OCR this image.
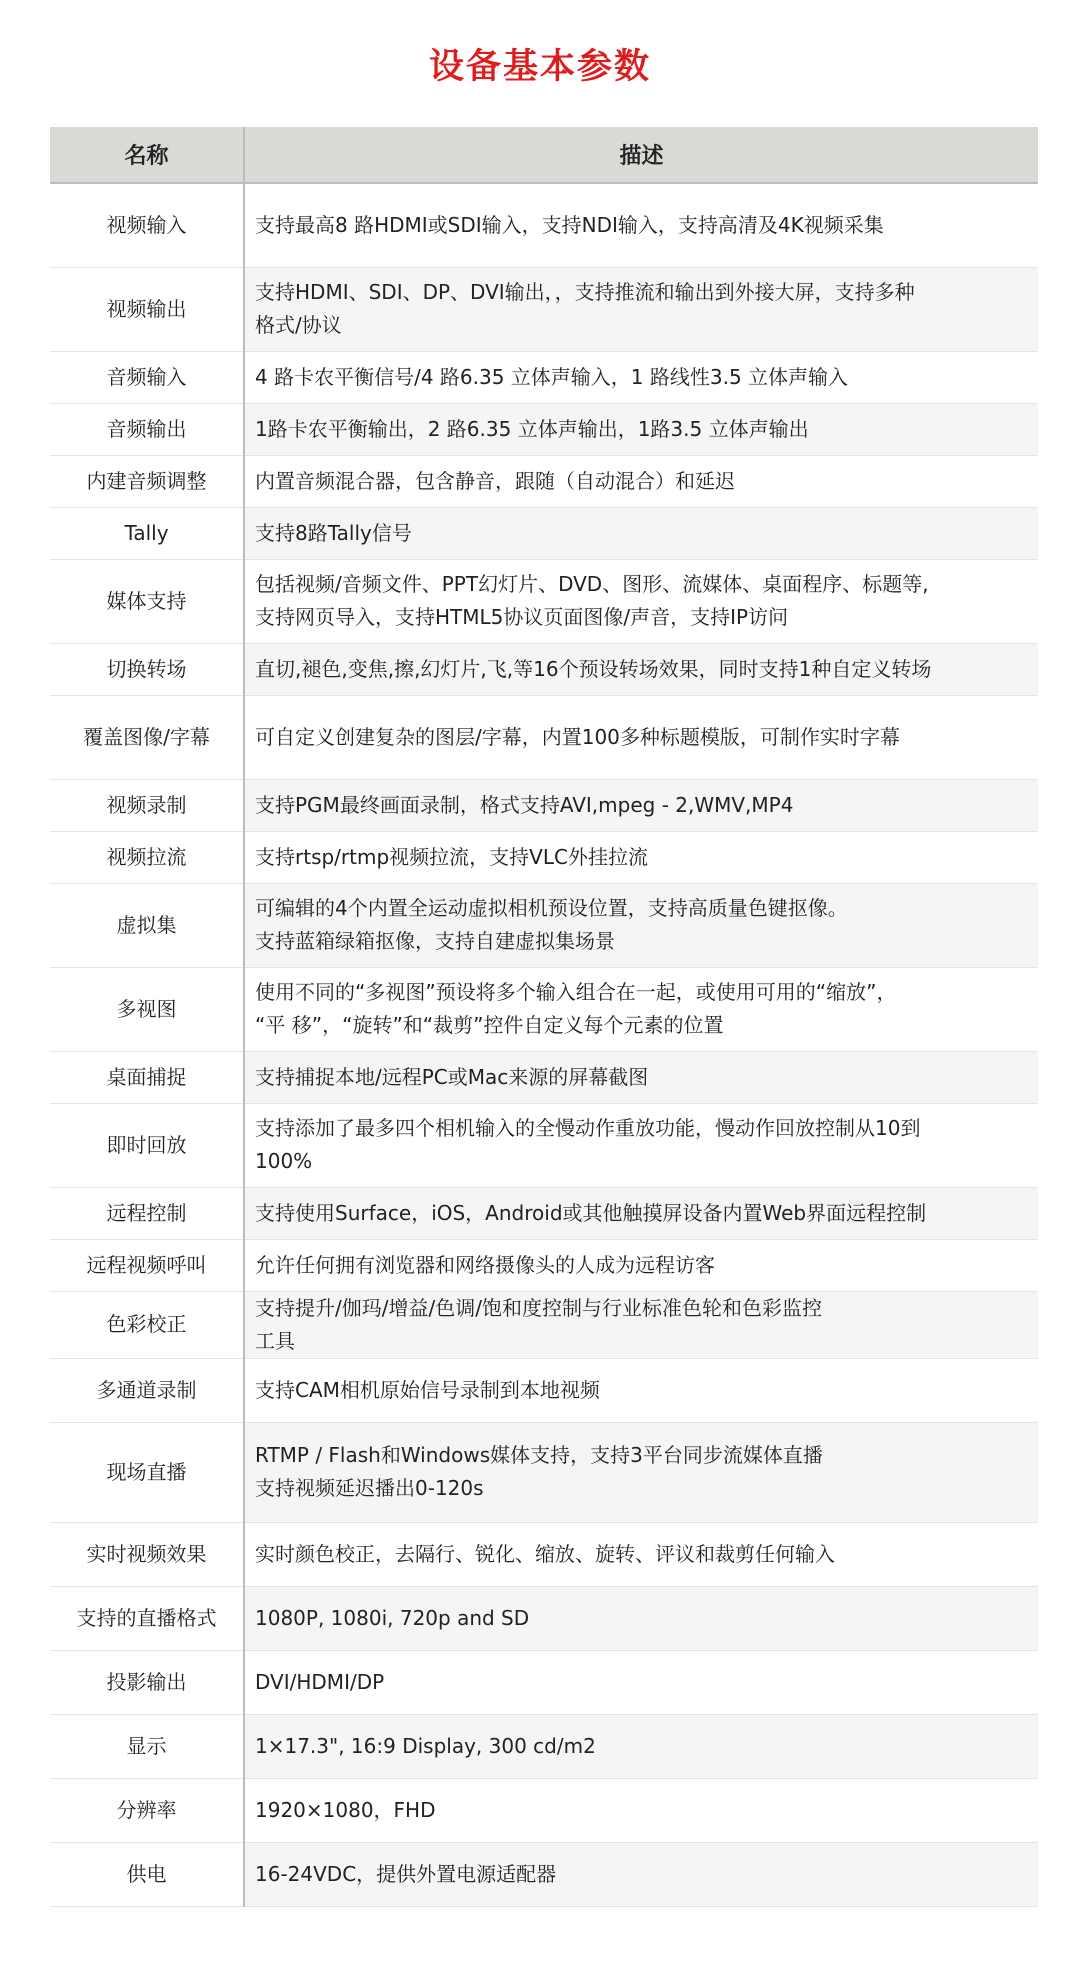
设备基本参数
名称	描述
视频输入	支持最高8 路HDMI或SDI输入，支持NDI输入，支持高清及4K视频采集

视频输出	支持HDMI、SDI、DP、DVI输出，，支持推流和输出到外接大屏，支持多种
格式/协议

音频输入	4 路卡农平衡信号/4 路6.35 立体声输入，1 路线性3.5 立体声输入

音频输出	1路卡农平衡输出，2 路6.35 立体声输出，1路3.5 立体声输出

内建音频调整	内置音频混合器，包含静音，跟随（自动混合）和延迟

Tally	支持8路Tally信号

媒体支持	包括视频/音频文件、PPT幻灯片、DVD、图形、流媒体、桌面程序、标题等,
支持网页导入，支持HTML5协议页面图像/声音，支持IP访问

切换转场	直切,褪色,变焦,擦,幻灯片,飞,等16个预设转场效果，同时支持1种自定义转场

覆盖图像/字幕	可自定义创建复杂的图层/字幕，内置100多种标题模版，可制作实时字幕

视频录制	支持PGM最终画面录制，格式支持AVI,mpeg - 2,WMV,MP4

视频拉流	支持rtsp/rtmp视频拉流，支持VLC外挂拉流

虚拟集	可编辑的4个内置全运动虚拟相机预设位置，支持高质量色键抠像。
支持蓝箱绿箱抠像，支持自建虚拟集场景

多视图	使用不同的“多视图”预设将多个输入组合在一起，或使用可用的“缩放”，
“平 移”，“旋转”和“裁剪”控件自定义每个元素的位置

桌面捕捉	支持捕捉本地/远程PC或Mac来源的屏幕截图

即时回放	支持添加了最多四个相机输入的全慢动作重放功能，慢动作回放控制从10到
100%

远程控制	支持使用Surface，iOS，Android或其他触摸屏设备内置Web界面远程控制

远程视频呼叫	允许任何拥有浏览器和网络摄像头的人成为远程访客

色彩校正	支持提升/伽玛/增益/色调/饱和度控制与行业标准色轮和色彩监控
工具

多通道录制	支持CAM相机原始信号录制到本地视频

现场直播	RTMP / Flash和Windows媒体支持，支持3平台同步流媒体直播
支持视频延迟播出0-120s

实时视频效果	实时颜色校正，去隔行、锐化、缩放、旋转、评议和裁剪任何输入

支持的直播格式	1080P, 1080i, 720p and SD

投影输出	DVI/HDMI/DP

显示	1×17.3", 16:9 Display, 300 cd/m2

分辨率	1920×1080，FHD

供电	16-24VDC，提供外置电源适配器
